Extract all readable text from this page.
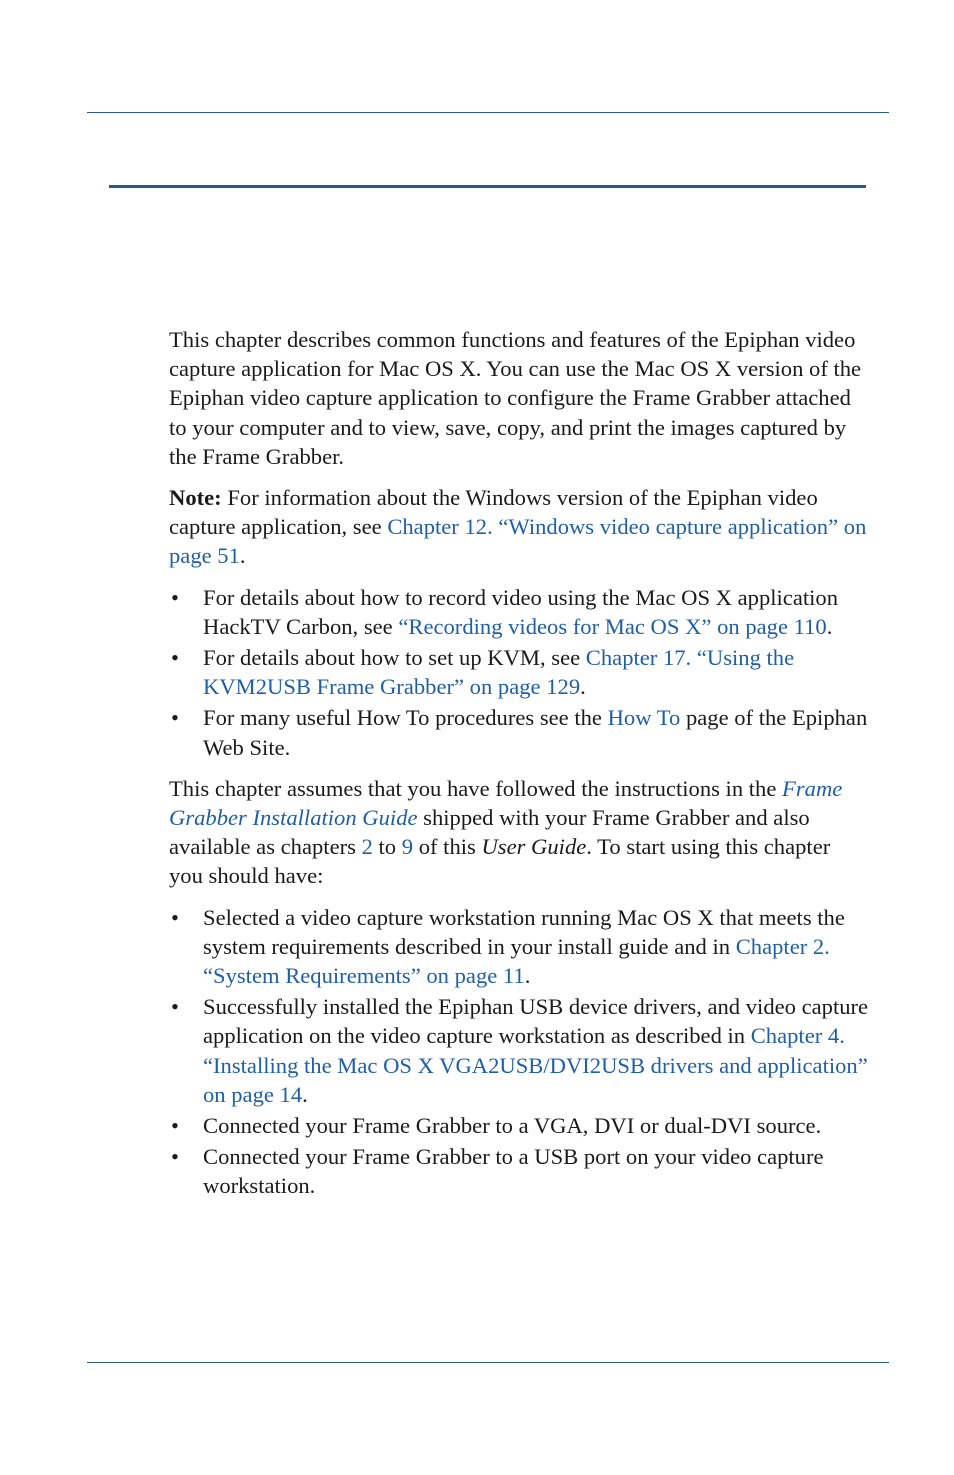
This chapter describes common functions and features of the Epiphan video capture application for Mac OS X. You can use the Mac OS X version of the Epiphan video capture application to configure the Frame Grabber attached to your computer and to view, save, copy, and print the images captured by the Frame Grabber.

Note: For information about the Windows version of the Epiphan video capture application, see Chapter 12. “Windows video capture application” on page 51.

• For details about how to record video using the Mac OS X application HackTV Carbon, see “Recording videos for Mac OS X” on page 110.
• For details about how to set up KVM, see Chapter 17. “Using the KVM2USB Frame Grabber” on page 129.
• For many useful How To procedures see the How To page of the Epiphan Web Site.

This chapter assumes that you have followed the instructions in the Frame Grabber Installation Guide shipped with your Frame Grabber and also available as chapters 2 to 9 of this User Guide. To start using this chapter you should have:

• Selected a video capture workstation running Mac OS X that meets the system requirements described in your install guide and in Chapter 2. “System Requirements” on page 11.
• Successfully installed the Epiphan USB device drivers, and video capture application on the video capture workstation as described in Chapter 4. “Installing the Mac OS X VGA2USB/DVI2USB drivers and application” on page 14.
• Connected your Frame Grabber to a VGA, DVI or dual-DVI source.
• Connected your Frame Grabber to a USB port on your video capture workstation.
